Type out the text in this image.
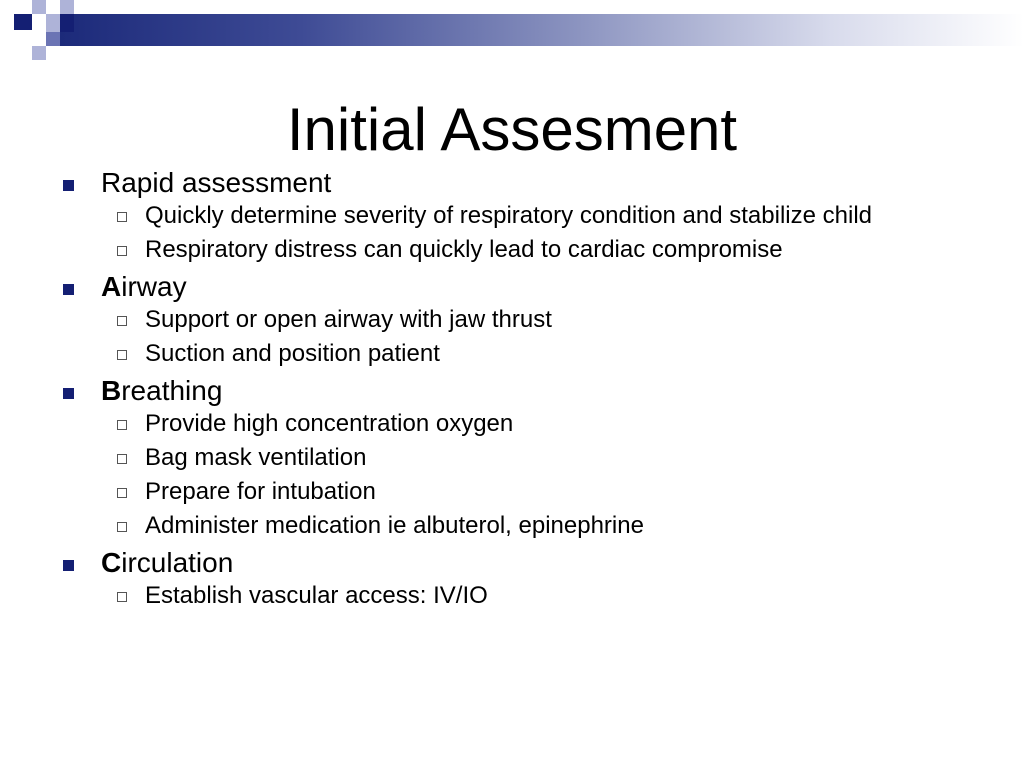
Initial Assesment
Rapid assessment
Quickly determine severity of respiratory condition and stabilize child
Respiratory distress can quickly lead to cardiac compromise
Airway
Support or open airway with jaw thrust
Suction and position patient
Breathing
Provide high concentration oxygen
Bag mask ventilation
Prepare for intubation
Administer medication ie albuterol, epinephrine
Circulation
Establish vascular access: IV/IO
